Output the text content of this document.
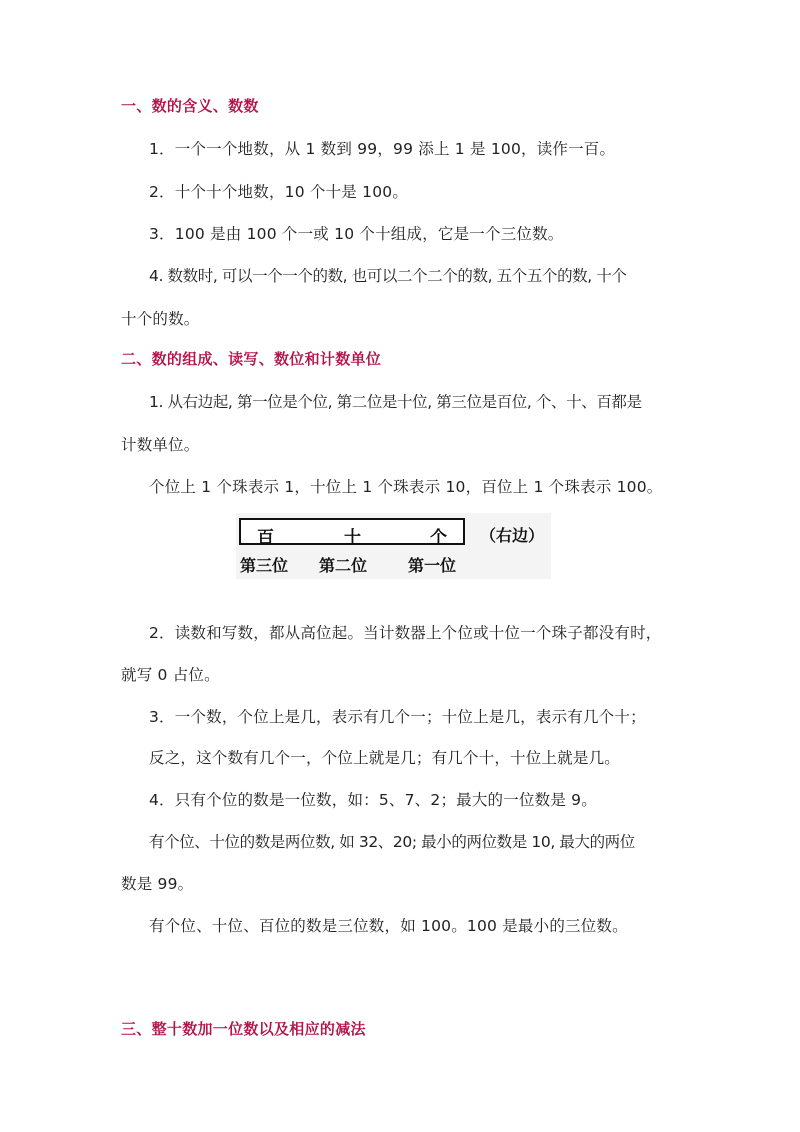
一、数的含义、数数
1．一个一个地数，从 1 数到 99，99 添上 1 是 100，读作一百。
2．十个十个地数，10 个十是 100。
3．100 是由 100 个一或 10 个十组成，它是一个三位数。
4. 数数时, 可以一个一个的数, 也可以二个二个的数, 五个五个的数, 十个
十个的数。
二、数的组成、读写、数位和计数单位
1. 从右边起, 第一位是个位, 第二位是十位, 第三位是百位, 个、十、百都是
计数单位。
个位上 1 个珠表示 1，十位上 1 个珠表示 10，百位上 1 个珠表示 100。
百	十	个 （右边）
第三位 第二位	第一位
2．读数和写数，都从高位起。当计数器上个位或十位一个珠子都没有时，
就写 0 占位。
3．一个数，个位上是几，表示有几个一；十位上是几，表示有几个十；
反之，这个数有几个一，个位上就是几；有几个十，十位上就是几。
4．只有个位的数是一位数，如：5、7、2；最大的一位数是 9。
有个位、十位的数是两位数, 如 32、20; 最小的两位数是 10, 最大的两位
数是 99。
有个位、十位、百位的数是三位数，如 100。100 是最小的三位数。
三、整十数加一位数以及相应的减法
